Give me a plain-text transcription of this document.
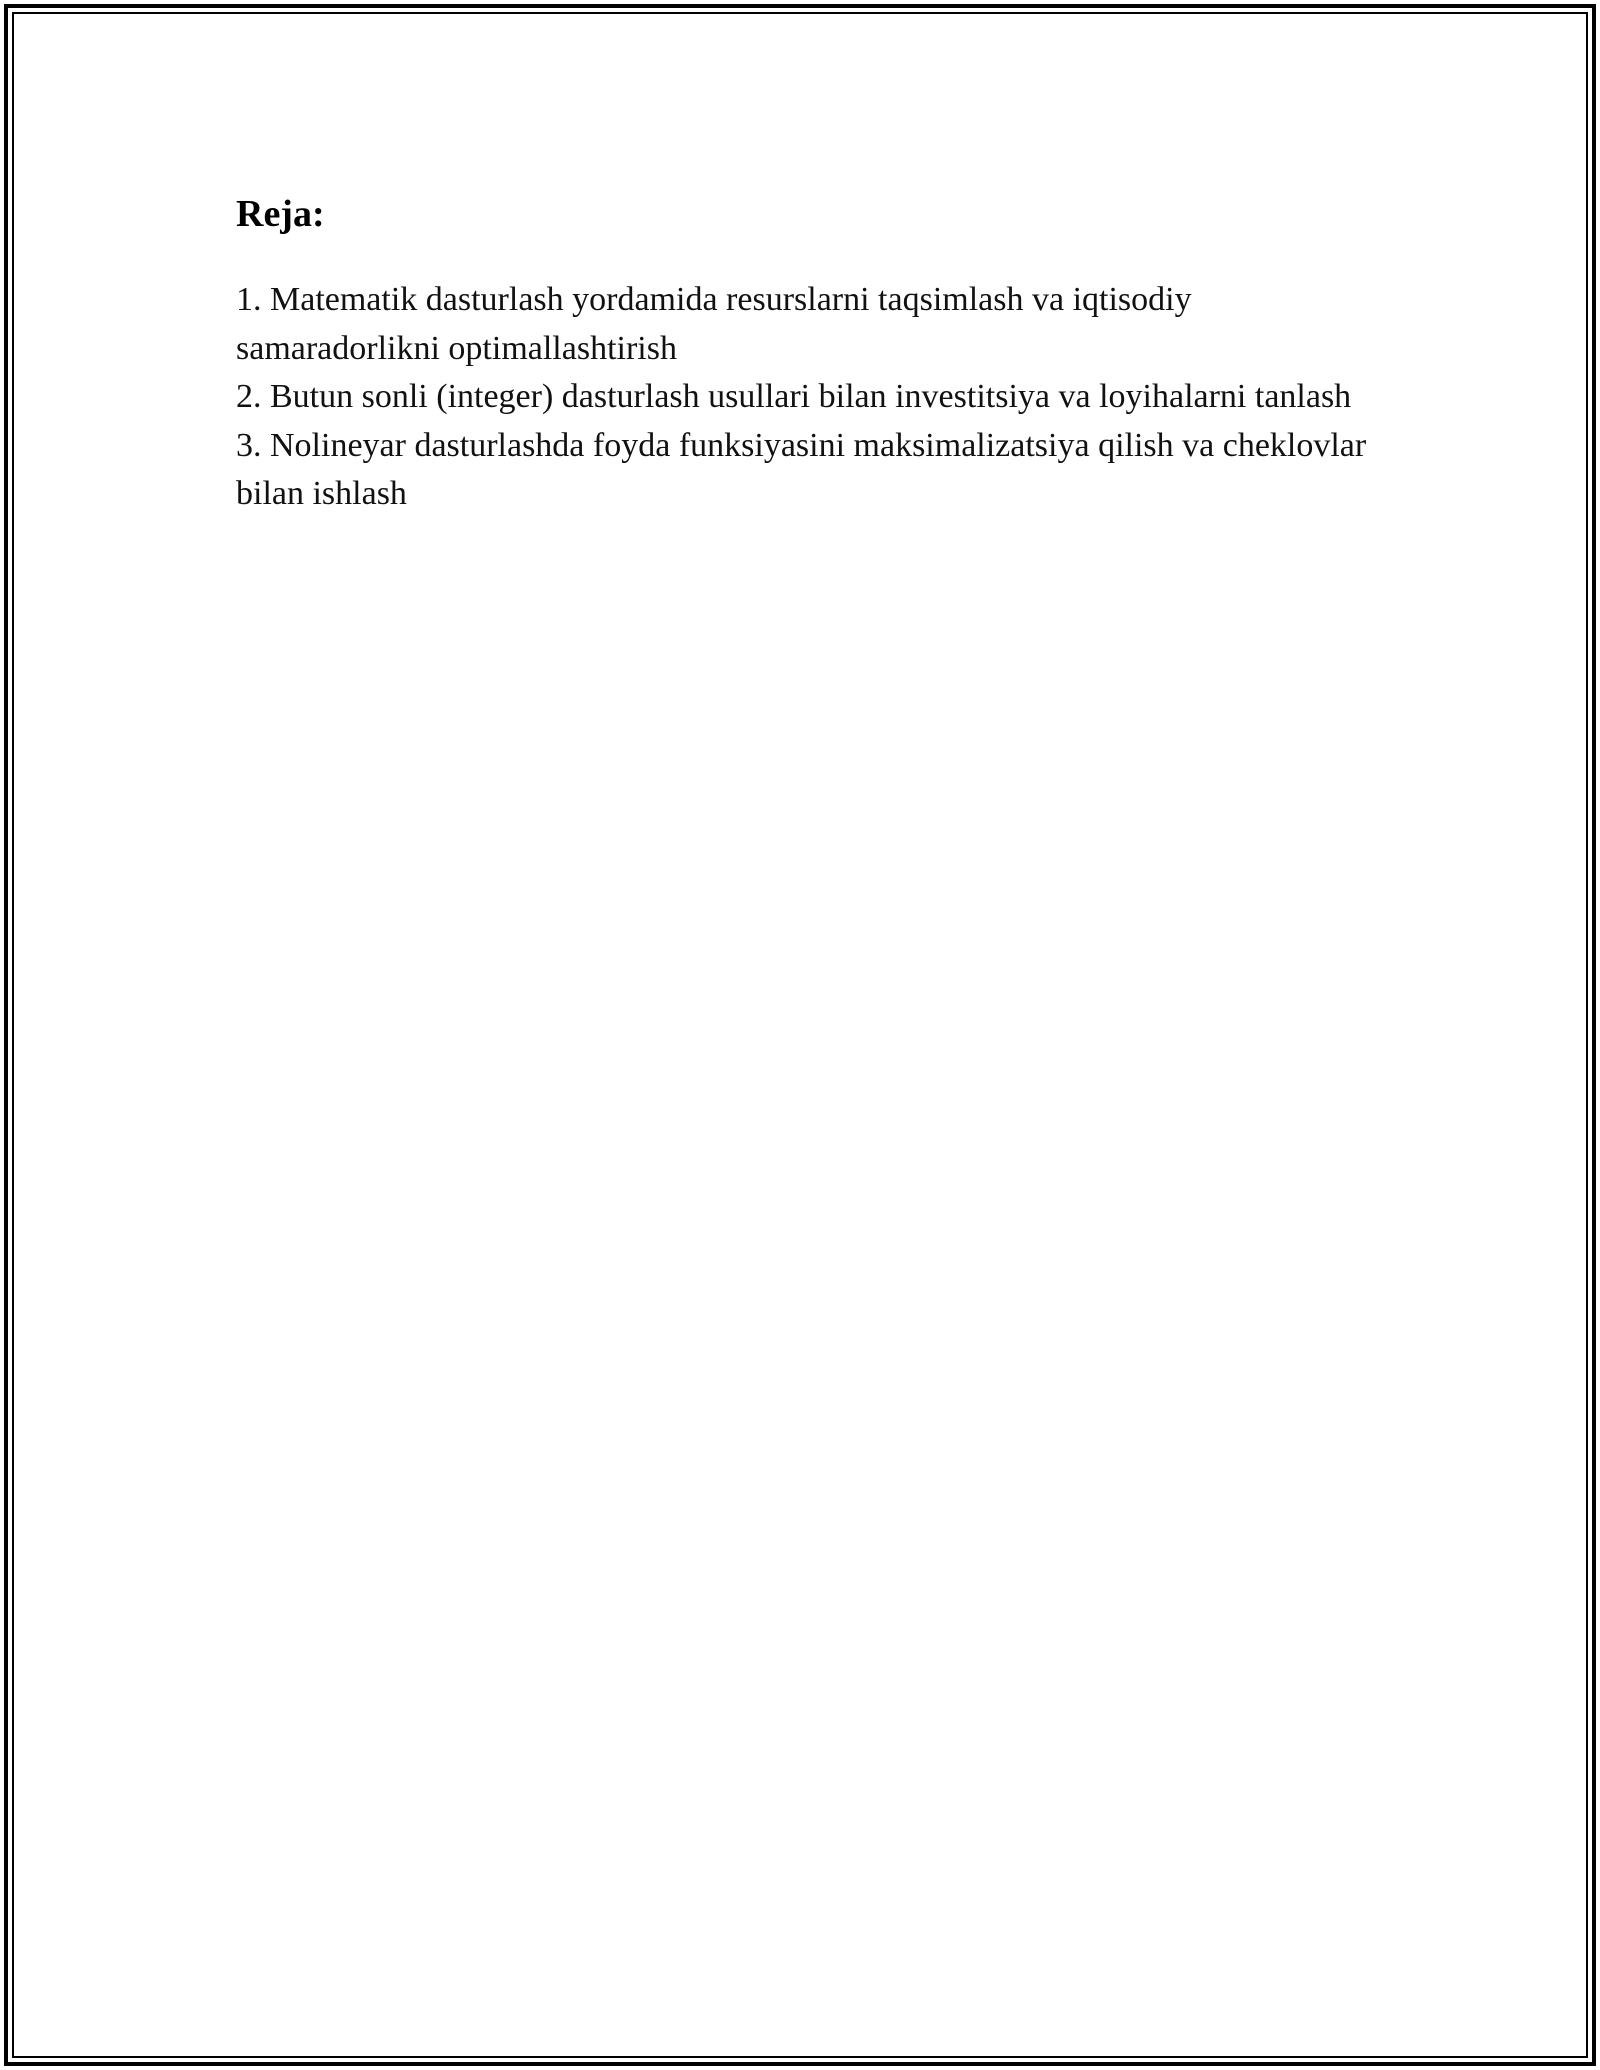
Reja:
1. Matematik dasturlash yordamida resurslarni taqsimlash va iqtisodiy samaradorlikni optimallashtirish
2. Butun sonli (integer) dasturlash usullari bilan investitsiya va loyihalarni tanlash
3. Nolineyar dasturlashda foyda funksiyasini maksimalizatsiya qilish va cheklovlar bilan ishlash
